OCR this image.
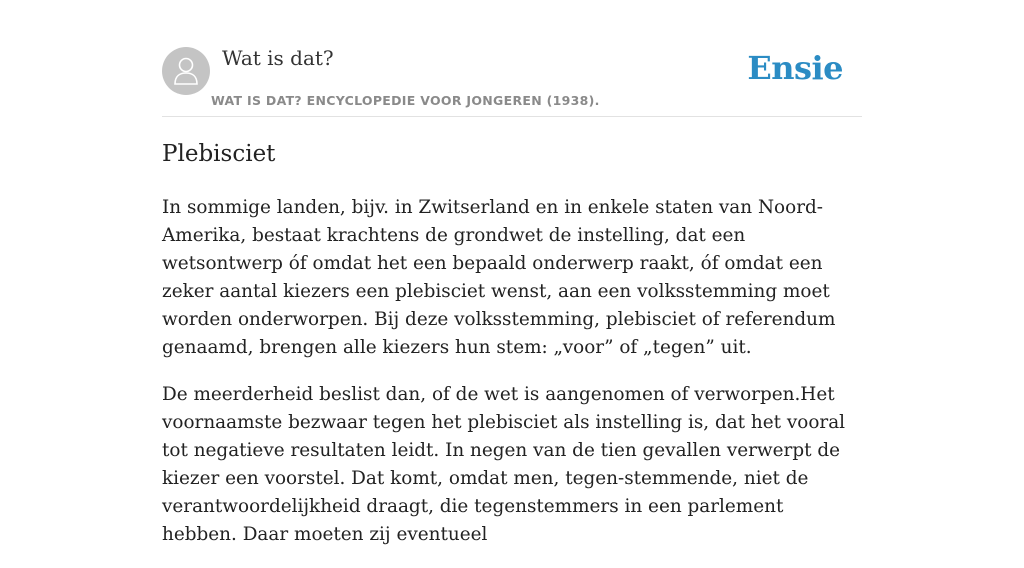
Wat is dat?
WAT IS DAT? ENCYCLOPEDIE VOOR JONGEREN (1938).
Ensie
Plebisciet

In sommige landen, bijv. in Zwitserland en in enkele staten van Noord-Amerika, bestaat krachtens de grondwet de instelling, dat een wetsontwerp óf omdat het een bepaald onderwerp raakt, óf omdat een zeker aantal kiezers een plebisciet wenst, aan een volksstemming moet worden onderworpen. Bij deze volksstemming, plebisciet of referendum genaamd, brengen alle kiezers hun stem: „voor” of „tegen” uit.

De meerderheid beslist dan, of de wet is aangenomen of verworpen.Het voornaamste bezwaar tegen het plebisciet als instelling is, dat het vooral tot negatieve resultaten leidt. In negen van de tien gevallen verwerpt de kiezer een voorstel. Dat komt, omdat men, tegen-stemmende, niet de verantwoordelijkheid draagt, die tegenstemmers in een parlement hebben. Daar moeten zij eventueel
